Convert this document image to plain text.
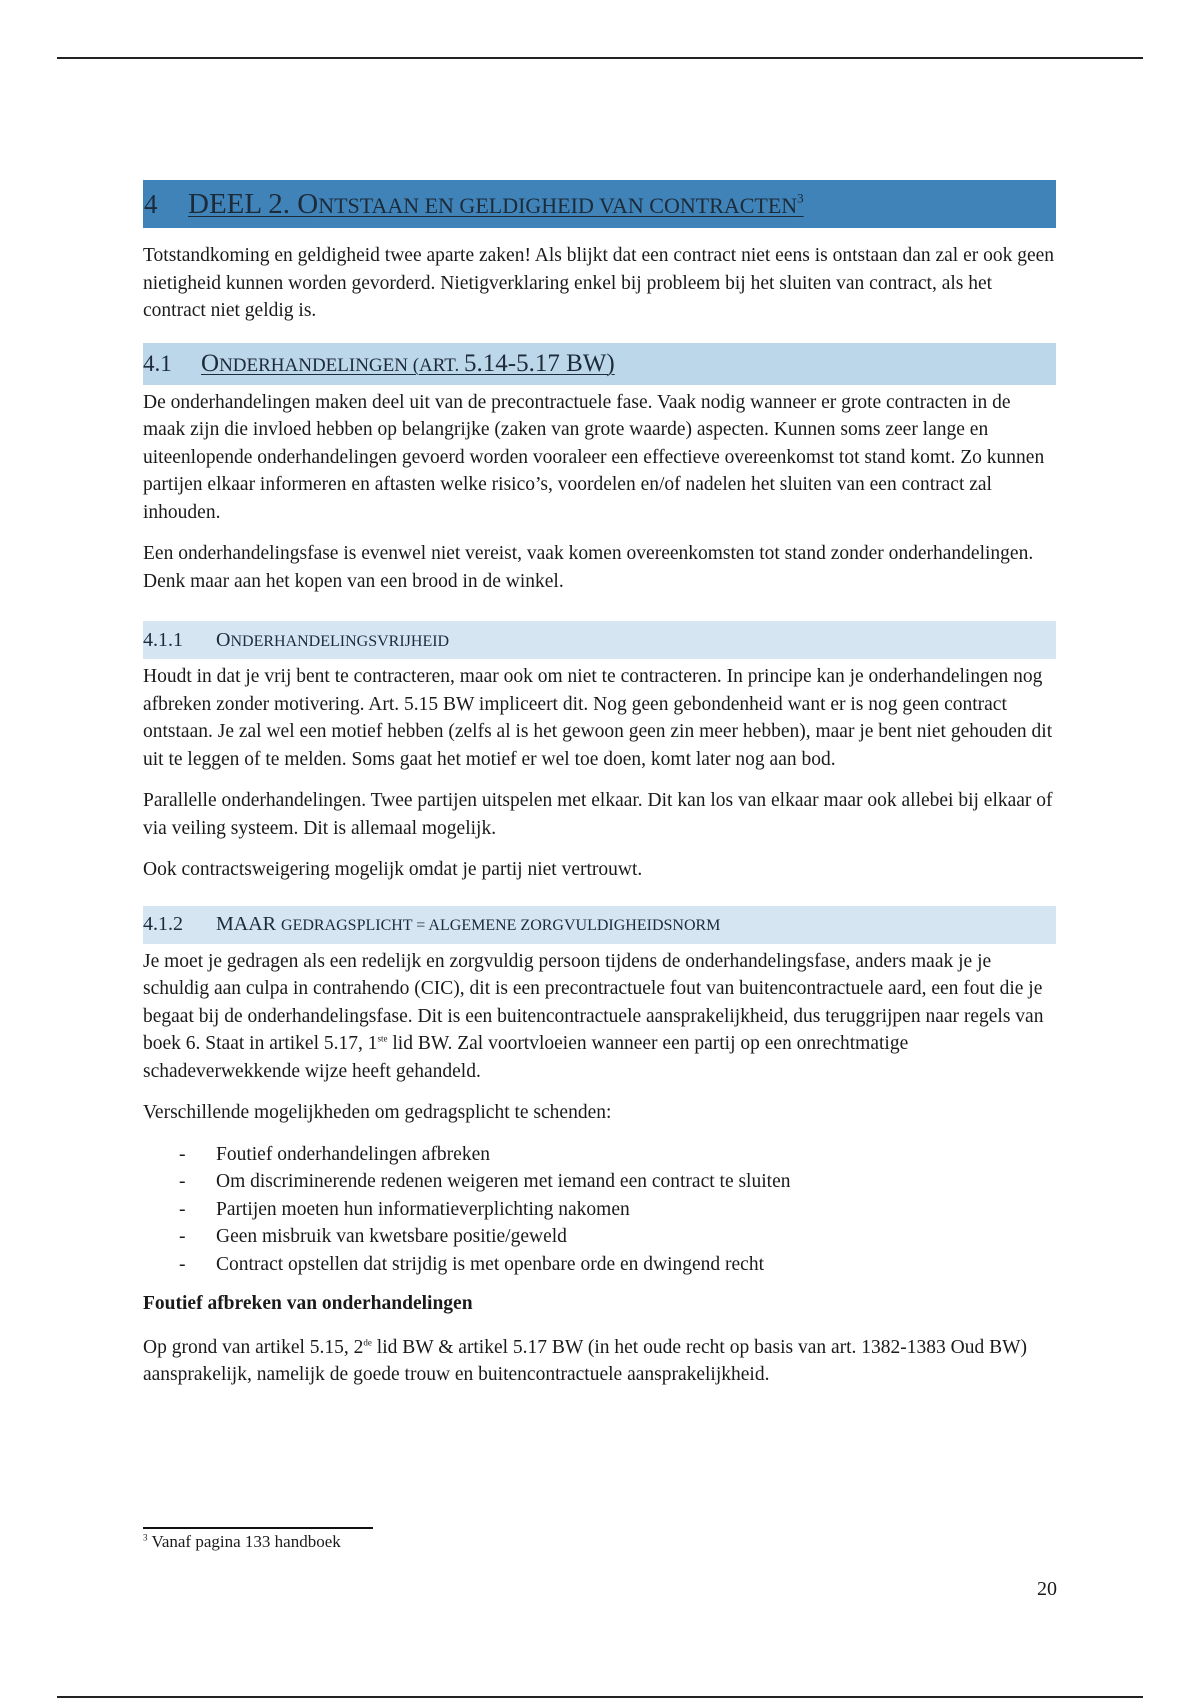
4	DEEL 2. ONTSTAAN EN GELDIGHEID VAN CONTRACTEN$^3$

Totstandkoming en geldigheid twee aparte zaken! Als blijkt dat een contract niet eens is ontstaan dan zal er ook geen nietigheid kunnen worden gevorderd. Nietigverklaring enkel bij probleem bij het sluiten van contract, als het contract niet geldig is.

4.1	ONDERHANDELINGEN (ART. 5.14-5.17 BW)

De onderhandelingen maken deel uit van de precontractuele fase. Vaak nodig wanneer er grote contracten in de maak zijn die invloed hebben op belangrijke (zaken van grote waarde) aspecten. Kunnen soms zeer lange en uiteenlopende onderhandelingen gevoerd worden vooraleer een effectieve overeenkomst tot stand komt. Zo kunnen partijen elkaar informeren en aftasten welke risico’s, voordelen en/of nadelen het sluiten van een contract zal inhouden.

Een onderhandelingsfase is evenwel niet vereist, vaak komen overeenkomsten tot stand zonder onderhandelingen. Denk maar aan het kopen van een brood in de winkel.

4.1.1	ONDERHANDELINGSVRIJHEID

Houdt in dat je vrij bent te contracteren, maar ook om niet te contracteren. In principe kan je onderhandelingen nog afbreken zonder motivering. Art. 5.15 BW impliceert dit. Nog geen gebondenheid want er is nog geen contract ontstaan. Je zal wel een motief hebben (zelfs al is het gewoon geen zin meer hebben), maar je bent niet gehouden dit uit te leggen of te melden. Soms gaat het motief er wel toe doen, komt later nog aan bod.

Parallelle onderhandelingen. Twee partijen uitspelen met elkaar. Dit kan los van elkaar maar ook allebei bij elkaar of via veiling systeem. Dit is allemaal mogelijk.

Ook contractsweigering mogelijk omdat je partij niet vertrouwt.

4.1.2	MAAR GEDRAGSPLICHT = ALGEMENE ZORGVULDIGHEIDSNORM

Je moet je gedragen als een redelijk en zorgvuldig persoon tijdens de onderhandelingsfase, anders maak je je schuldig aan culpa in contrahendo (CIC), dit is een precontractuele fout van buitencontractuele aard, een fout die je begaat bij de onderhandelingsfase. Dit is een buitencontractuele aansprakelijkheid, dus teruggrijpen naar regels van boek 6. Staat in artikel 5.17, 1ste lid BW. Zal voortvloeien wanneer een partij op een onrechtmatige schadeverwekkende wijze heeft gehandeld.

Verschillende mogelijkheden om gedragsplicht te schenden:

- Foutief onderhandelingen afbreken
- Om discriminerende redenen weigeren met iemand een contract te sluiten
- Partijen moeten hun informatieverplichting nakomen
- Geen misbruik van kwetsbare positie/geweld
- Contract opstellen dat strijdig is met openbare orde en dwingend recht
Foutief afbreken van onderhandelingen

Op grond van artikel 5.15, 2de lid BW & artikel 5.17 BW (in het oude recht op basis van art. 1382-1383 Oud BW) aansprakelijk, namelijk de goede trouw en buitencontractuele aansprakelijkheid.

$^3$ Vanaf pagina 133 handboek
20
